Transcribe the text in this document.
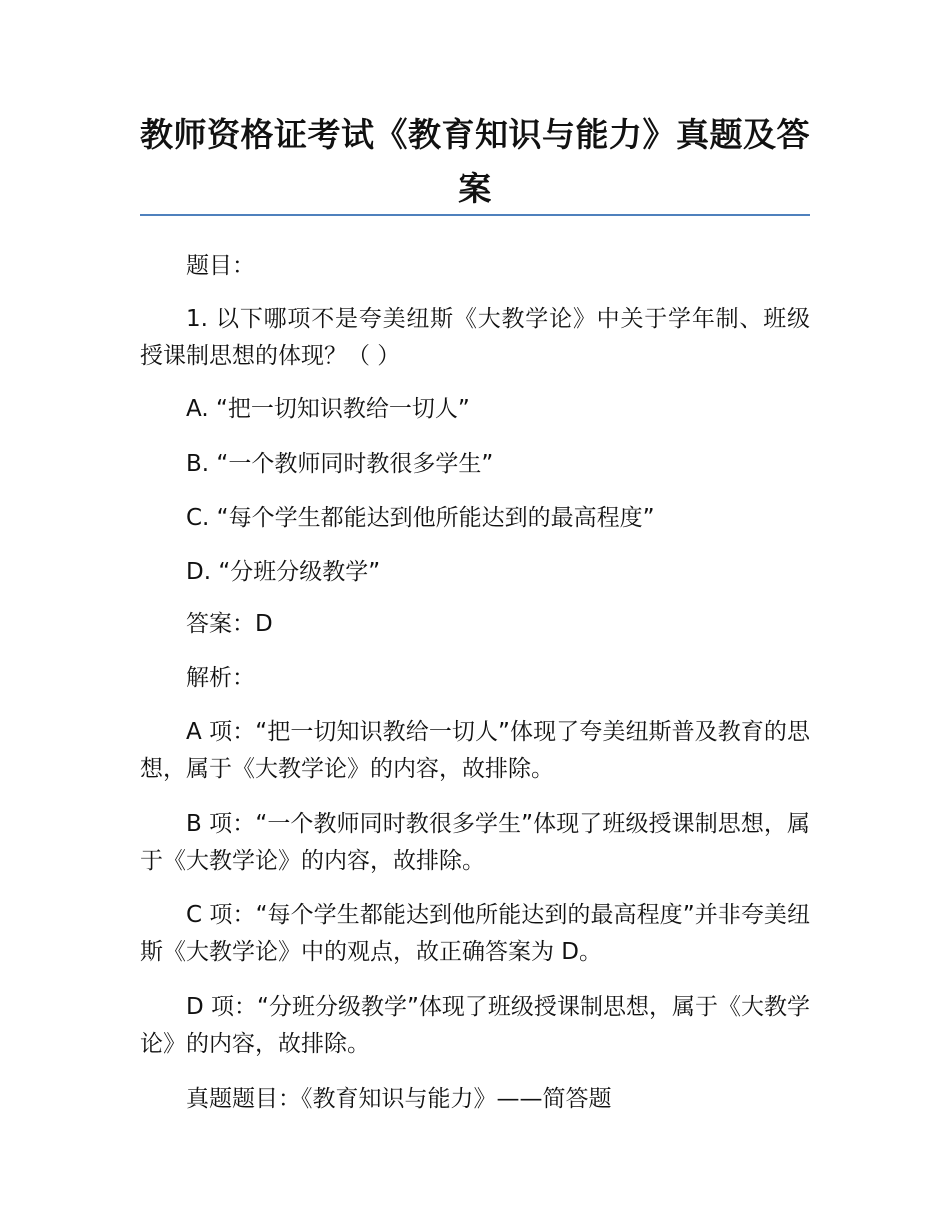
教师资格证考试《教育知识与能力》真题及答案

题目：

1. 以下哪项不是夸美纽斯《大教学论》中关于学年制、班级授课制思想的体现？（ ）

A. “把一切知识教给一切人”

B. “一个教师同时教很多学生”

C. “每个学生都能达到他所能达到的最高程度”

D. “分班分级教学”

答案：D

解析：

A 项：“把一切知识教给一切人”体现了夸美纽斯普及教育的思想，属于《大教学论》的内容，故排除。

B 项：“一个教师同时教很多学生”体现了班级授课制思想，属于《大教学论》的内容，故排除。

C 项：“每个学生都能达到他所能达到的最高程度”并非夸美纽斯《大教学论》中的观点，故正确答案为 D。

D 项：“分班分级教学”体现了班级授课制思想，属于《大教学论》的内容，故排除。

真题题目：《教育知识与能力》——简答题
